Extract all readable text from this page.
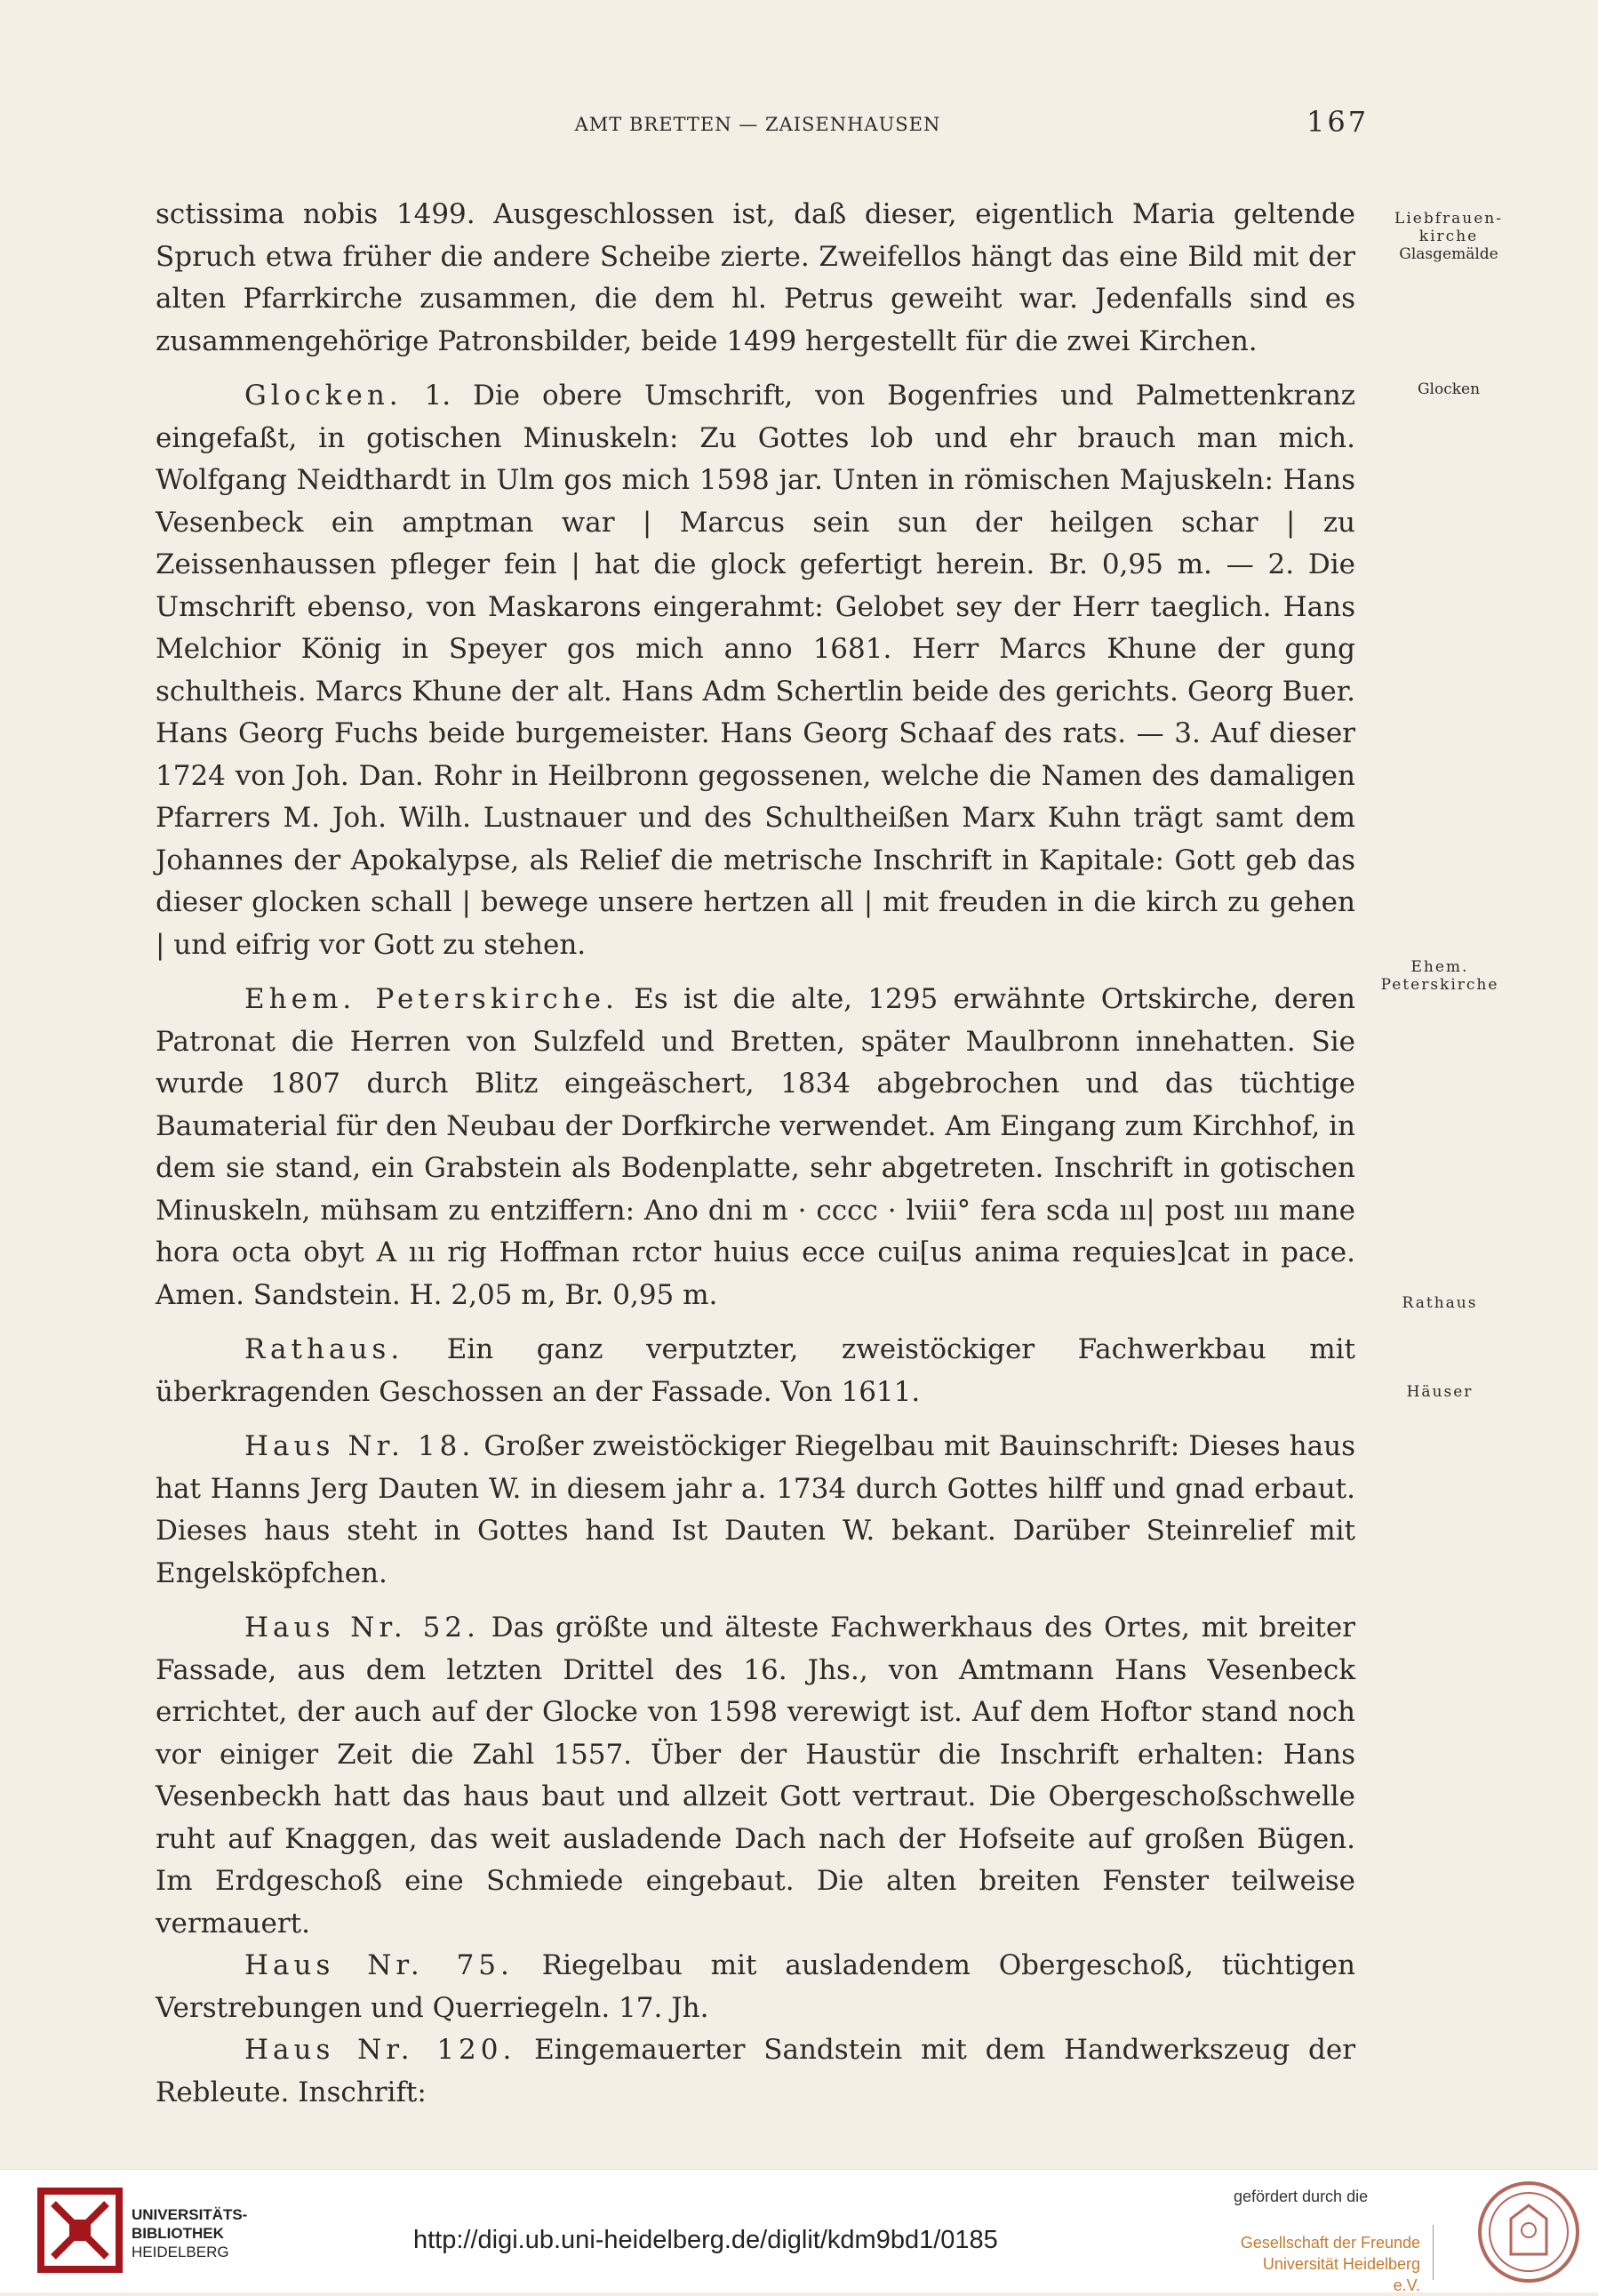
AMT BRETTEN — ZAISENHAUSEN	167

sctissima nobis 1499. Ausgeschlossen ist, daß dieser, eigentlich Maria geltende Spruch etwa früher die andere Scheibe zierte. Zweifellos hängt das eine Bild mit der alten Pfarrkirche zusammen, die dem hl. Petrus geweiht war. Jedenfalls sind es zusammengehörige Patronsbilder, beide 1499 hergestellt für die zwei Kirchen.

Glocken. 1. Die obere Umschrift, von Bogenfries und Palmettenkranz eingefaßt, in gotischen Minuskeln: Zu Gottes lob und ehr brauch man mich. Wolfgang Neidthardt in Ulm gos mich 1598 jar. Unten in römischen Majuskeln: Hans Vesenbeck ein amptman war | Marcus sein sun der heilgen schar | zu Zeissenhaussen pfleger fein | hat die glock gefertigt herein. Br. 0,95 m. — 2. Die Umschrift ebenso, von Maskarons eingerahmt: Gelobet sey der Herr taeglich. Hans Melchior König in Speyer gos mich anno 1681. Herr Marcs Khune der gung schultheis. Marcs Khune der alt. Hans Adm Schertlin beide des gerichts. Georg Buer. Hans Georg Fuchs beide burgemeister. Hans Georg Schaaf des rats. — 3. Auf dieser 1724 von Joh. Dan. Rohr in Heilbronn gegossenen, welche die Namen des damaligen Pfarrers M. Joh. Wilh. Lustnauer und des Schultheißen Marx Kuhn trägt samt dem Johannes der Apokalypse, als Relief die metrische Inschrift in Kapitale: Gott geb das dieser glocken schall | bewege unsere hertzen all | mit freuden in die kirch zu gehen | und eifrig vor Gott zu stehen.

Ehem. Peterskirche. Es ist die alte, 1295 erwähnte Ortskirche, deren Patronat die Herren von Sulzfeld und Bretten, später Maulbronn innehatten. Sie wurde 1807 durch Blitz eingeäschert, 1834 abgebrochen und das tüchtige Baumaterial für den Neubau der Dorfkirche verwendet. Am Eingang zum Kirchhof, in dem sie stand, ein Grabstein als Bodenplatte, sehr abgetreten. Inschrift in gotischen Minuskeln, mühsam zu entziffern: Ano dni m · cccc · lviii° fera scda ııı| post ıııı mane hora octa obyt A ııı rig Hoffman rctor huius ecce cui[us anima requies]cat in pace. Amen. Sandstein. H. 2,05 m, Br. 0,95 m.

Rathaus. Ein ganz verputzter, zweistöckiger Fachwerkbau mit überkragenden Geschossen an der Fassade. Von 1611.

Haus Nr. 18. Großer zweistöckiger Riegelbau mit Bauinschrift: Dieses haus hat Hanns Jerg Dauten W. in diesem jahr a. 1734 durch Gottes hilff und gnad erbaut. Dieses haus steht in Gottes hand Ist Dauten W. bekant. Darüber Steinrelief mit Engelsköpfchen.

Haus Nr. 52. Das größte und älteste Fachwerkhaus des Ortes, mit breiter Fassade, aus dem letzten Drittel des 16. Jhs., von Amtmann Hans Vesenbeck errichtet, der auch auf der Glocke von 1598 verewigt ist. Auf dem Hoftor stand noch vor einiger Zeit die Zahl 1557. Über der Haustür die Inschrift erhalten: Hans Vesenbeckh hatt das haus baut und allzeit Gott vertraut. Die Obergeschoßschwelle ruht auf Knaggen, das weit ausladende Dach nach der Hofseite auf großen Bügen. Im Erdgeschoß eine Schmiede eingebaut. Die alten breiten Fenster teilweise vermauert.

Haus Nr. 75. Riegelbau mit ausladendem Obergeschoß, tüchtigen Verstrebungen und Querriegeln. 17. Jh.

Haus Nr. 120. Eingemauerter Sandstein mit dem Handwerkszeug der Rebleute. Inschrift:

Liebfrauen-
kirche
Glasgemälde
Glocken
Ehem.
Peterskirche
Rathaus
Häuser
UNIVERSITÄTS-
BIBLIOTHEK
HEIDELBERG	http://digi.ub.uni-heidelberg.de/diglit/kdm9bd1/0185
gefördert durch die
Gesellschaft der Freunde
Universität Heidelberg e.V.
